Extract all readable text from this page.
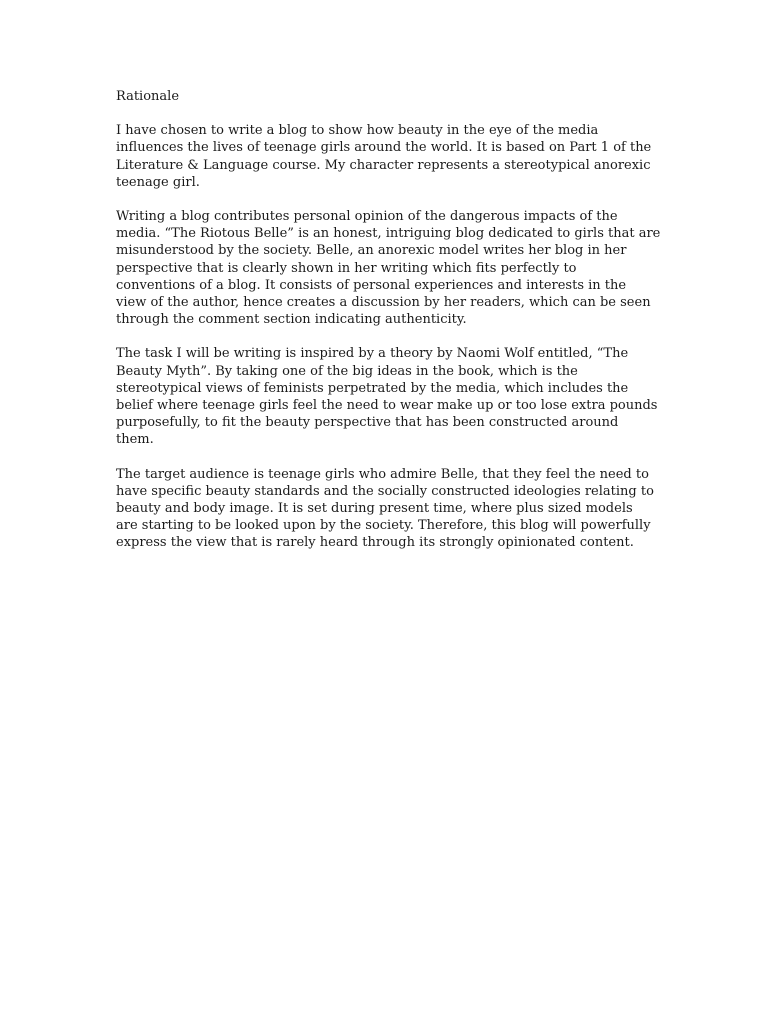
Rationale
I have chosen to write a blog to show how beauty in the eye of the media
influences the lives of teenage girls around the world. It is based on Part 1 of the
Literature & Language course. My character represents a stereotypical anorexic
teenage girl.
Writing a blog contributes personal opinion of the dangerous impacts of the
media. “The Riotous Belle” is an honest, intriguing blog dedicated to girls that are
misunderstood by the society. Belle, an anorexic model writes her blog in her
perspective that is clearly shown in her writing which fits perfectly to
conventions of a blog. It consists of personal experiences and interests in the
view of the author, hence creates a discussion by her readers, which can be seen
through the comment section indicating authenticity.
The task I will be writing is inspired by a theory by Naomi Wolf entitled, “The
Beauty Myth”. By taking one of the big ideas in the book, which is the
stereotypical views of feminists perpetrated by the media, which includes the
belief where teenage girls feel the need to wear make up or too lose extra pounds
purposefully, to fit the beauty perspective that has been constructed around
them.
The target audience is teenage girls who admire Belle, that they feel the need to
have specific beauty standards and the socially constructed ideologies relating to
beauty and body image. It is set during present time, where plus sized models
are starting to be looked upon by the society. Therefore, this blog will powerfully
express the view that is rarely heard through its strongly opinionated content.
